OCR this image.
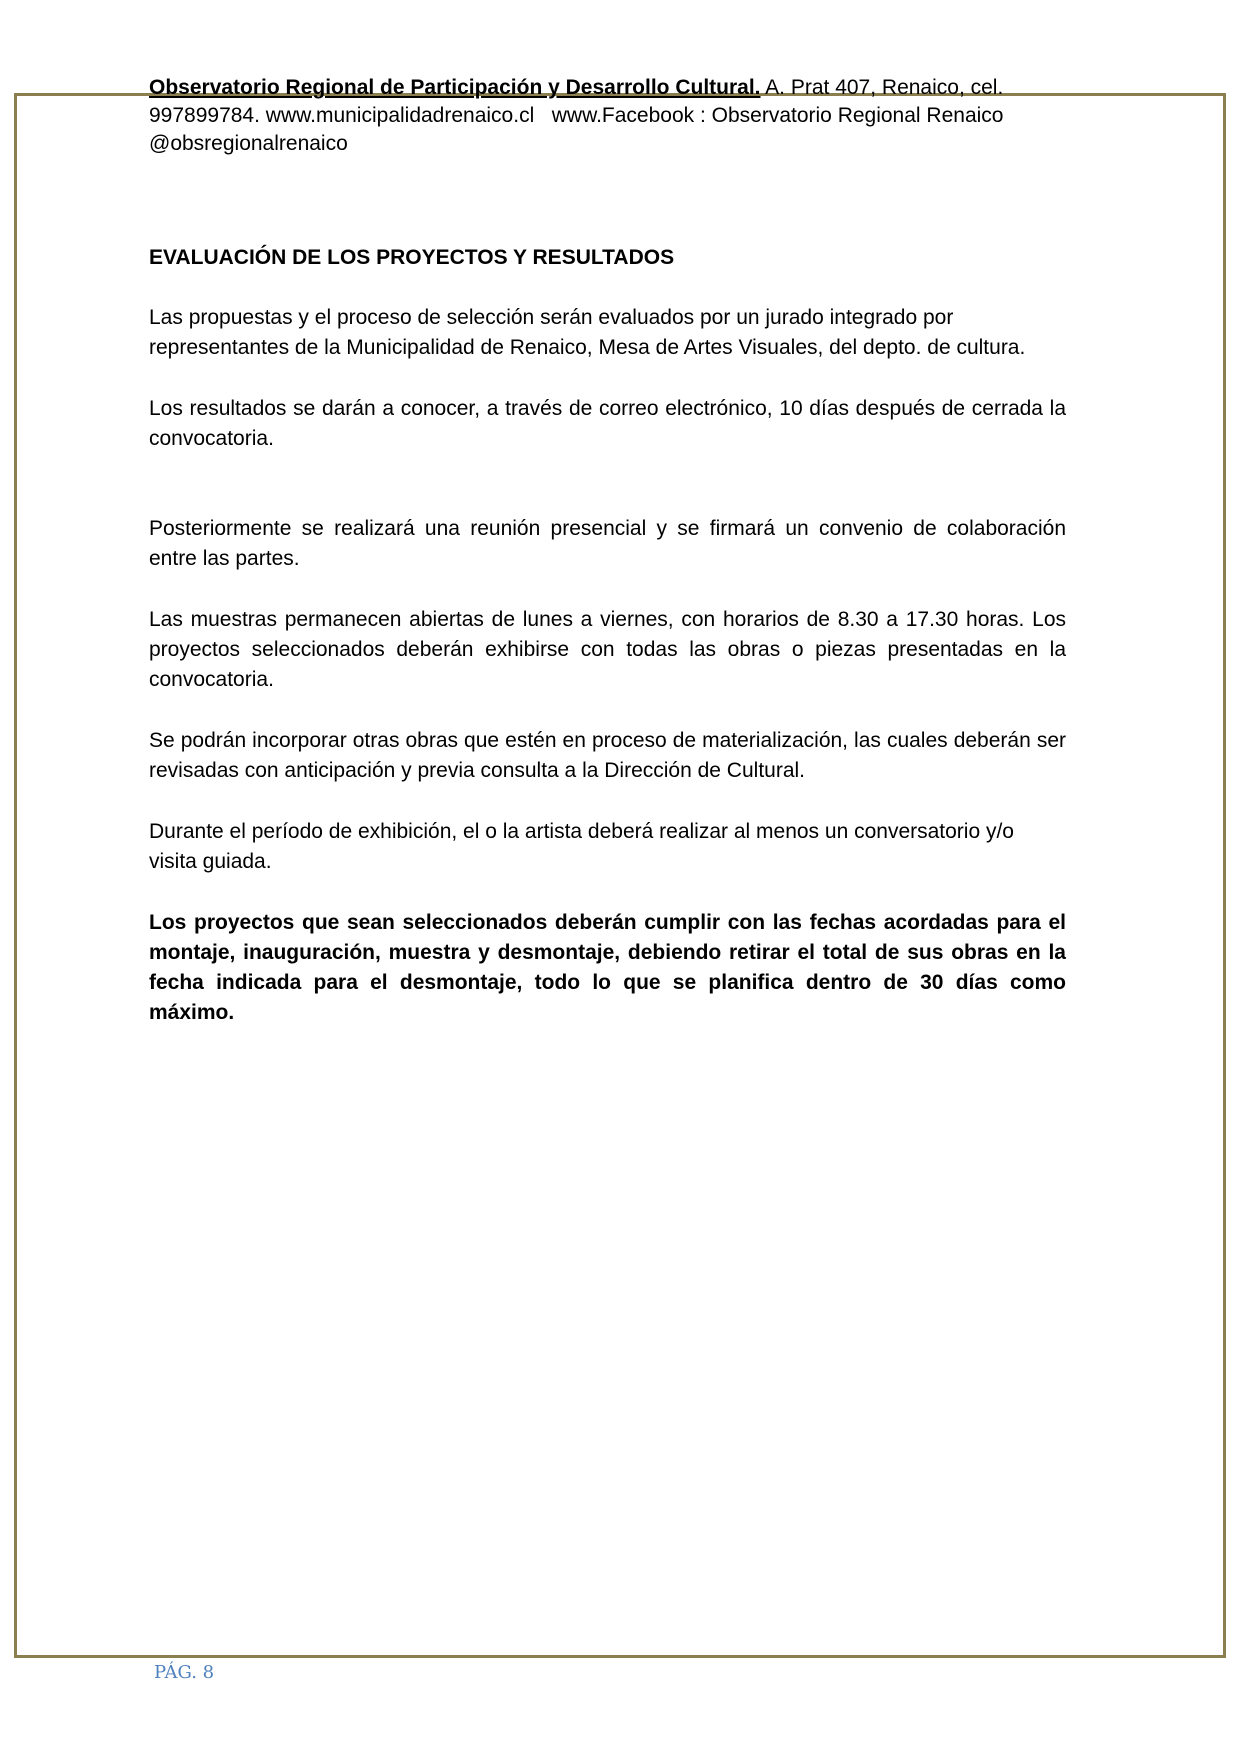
Observatorio Regional de Participación y Desarrollo Cultural. A. Prat 407, Renaico, cel.
997899784. www.municipalidadrenaico.cl   www.Facebook : Observatorio Regional Renaico
@obsregionalrenaico
EVALUACIÓN DE LOS PROYECTOS Y RESULTADOS

Las propuestas y el proceso de selección serán evaluados por un jurado integrado por representantes de la Municipalidad de Renaico, Mesa de Artes Visuales, del depto. de cultura.

Los resultados se darán a conocer, a través de correo electrónico, 10 días después de cerrada la convocatoria.

Posteriormente se realizará una reunión presencial y se firmará un convenio de colaboración entre las partes.

Las muestras permanecen abiertas de lunes a viernes, con horarios de 8.30 a 17.30 horas. Los proyectos seleccionados deberán exhibirse con todas las obras o piezas presentadas en la convocatoria.

Se podrán incorporar otras obras que estén en proceso de materialización, las cuales deberán ser revisadas con anticipación y previa consulta a la Dirección de Cultural.

Durante el período de exhibición, el o la artista deberá realizar al menos un conversatorio y/o visita guiada.

Los proyectos que sean seleccionados deberán cumplir con las fechas acordadas para el montaje, inauguración, muestra y desmontaje, debiendo retirar el total de sus obras en la fecha indicada para el desmontaje, todo lo que se planifica dentro de 30 días como máximo.

PÁG. 8
